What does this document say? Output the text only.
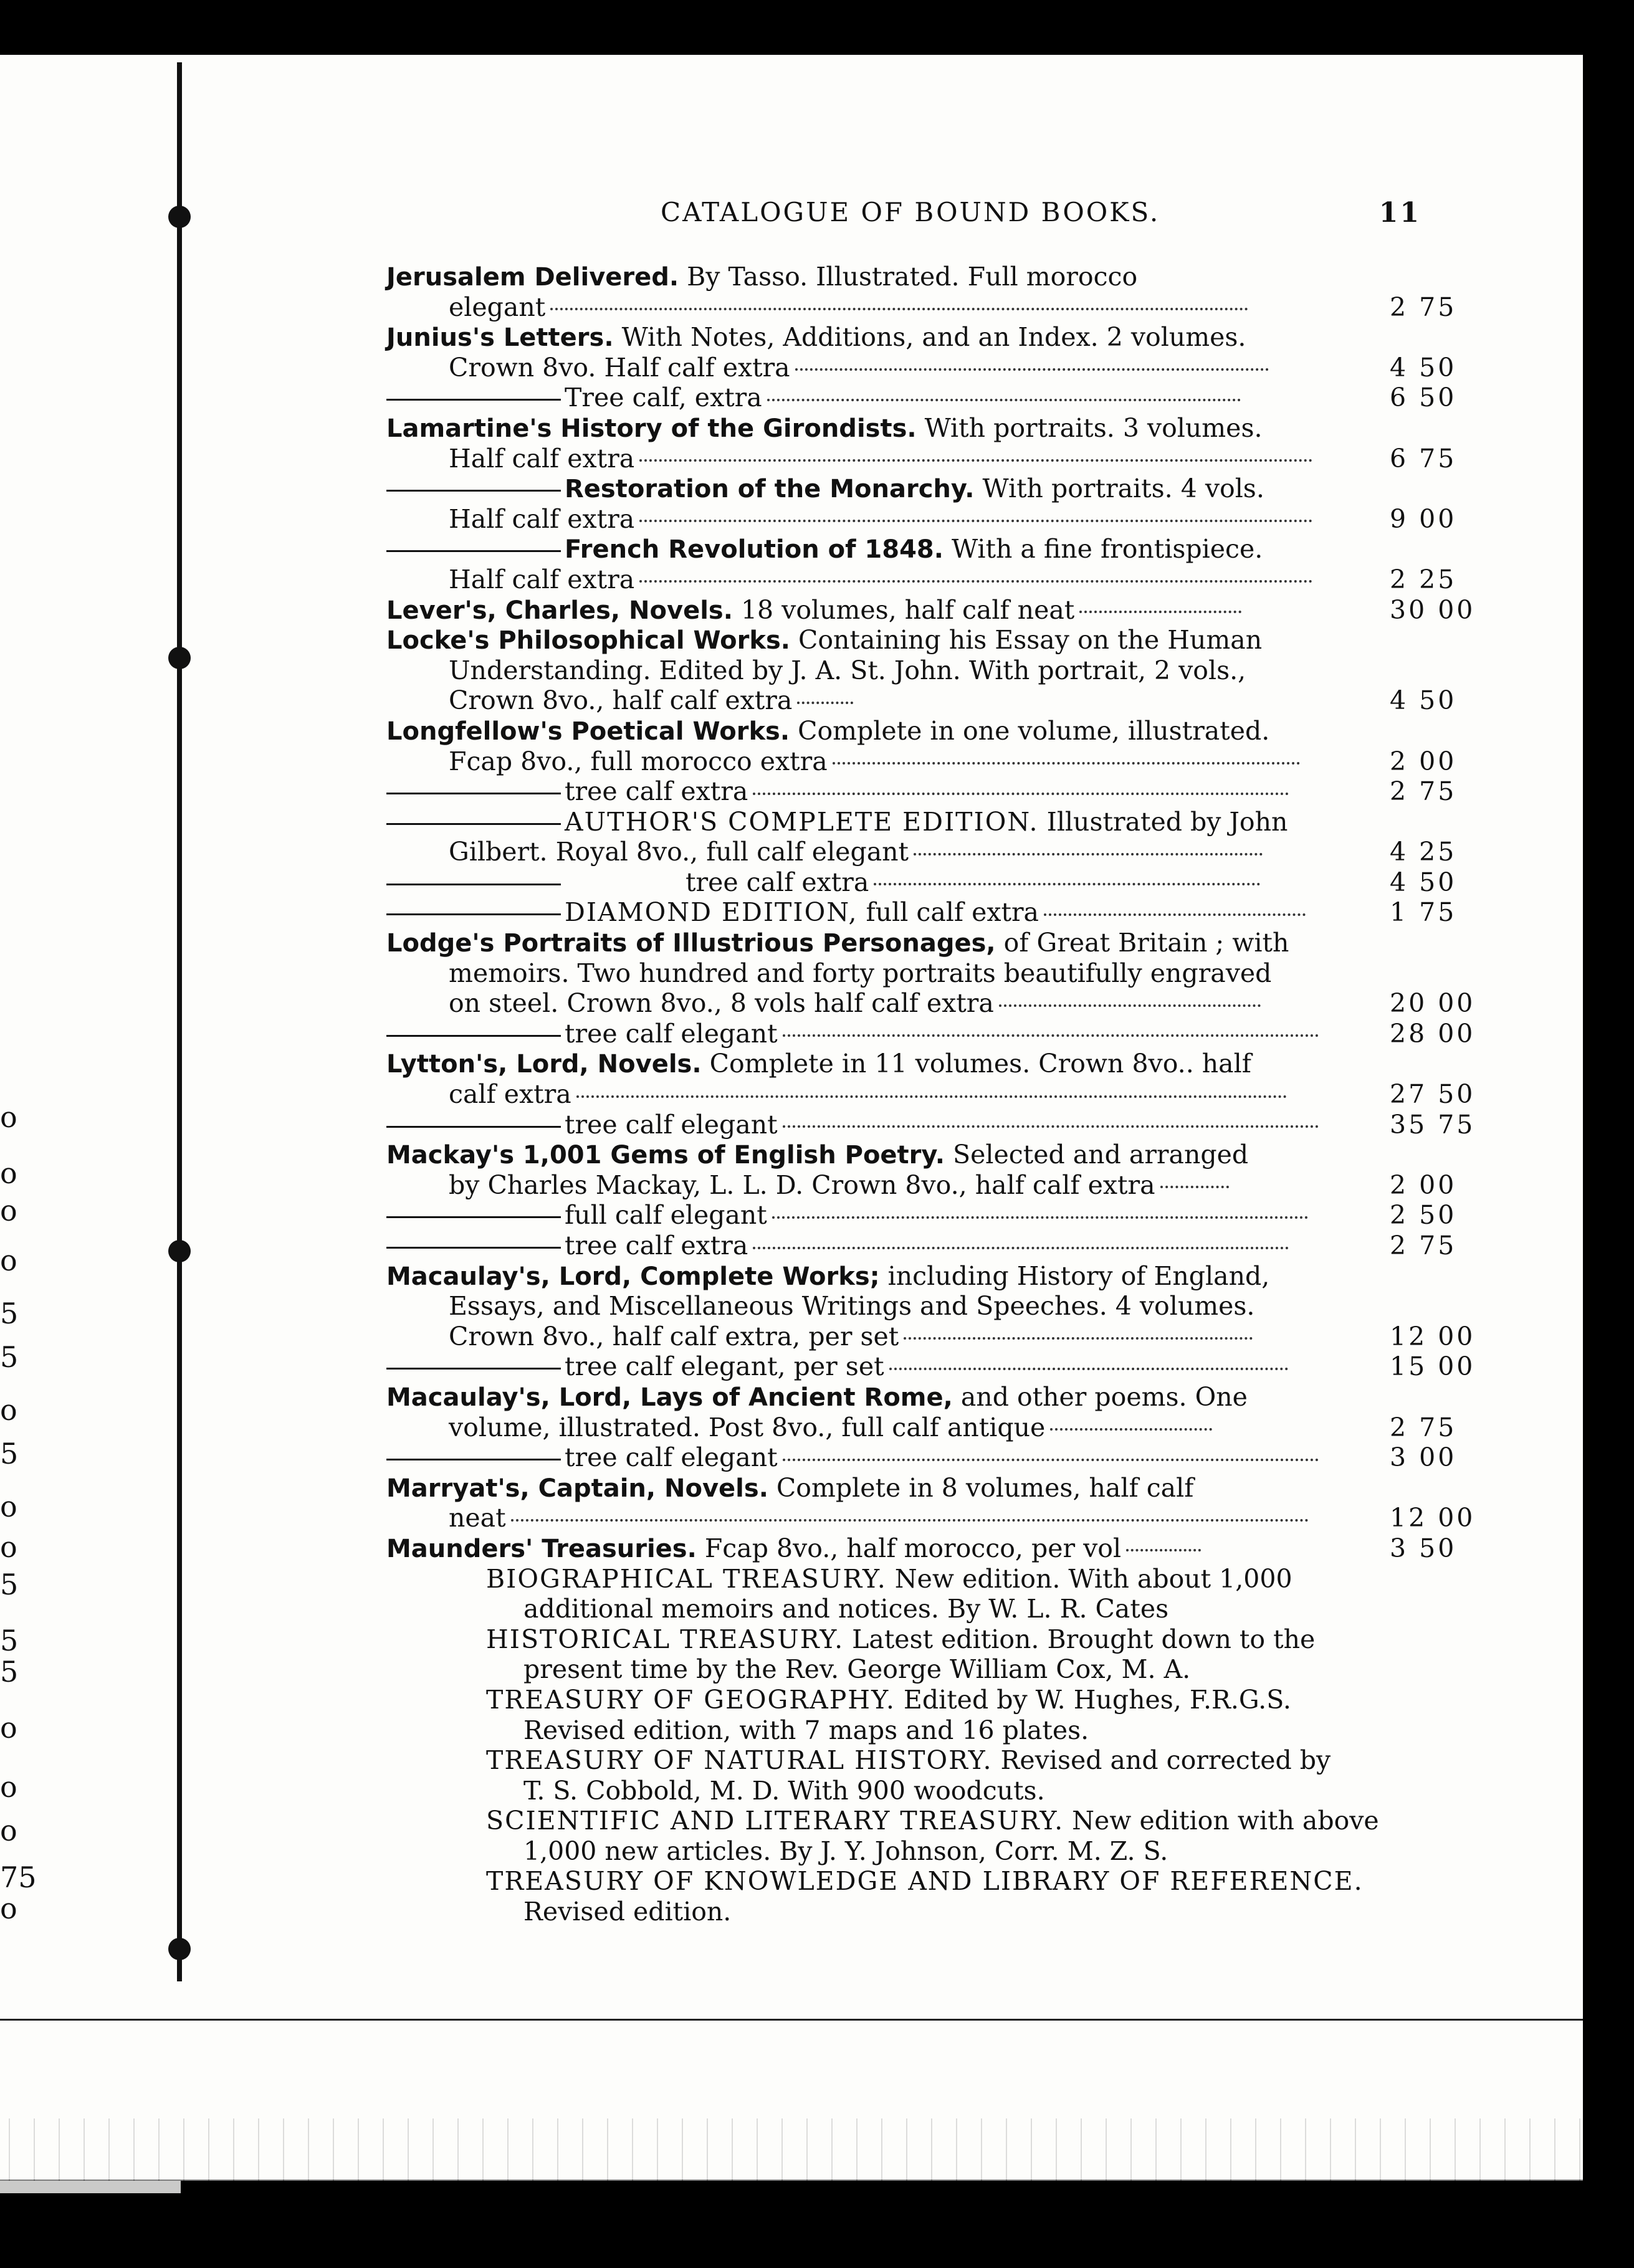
o
o
o
o
5
5
o
5
o
o
5
5
5
o
o
o
75
o
CATALOGUE OF BOUND BOOKS.	11
Jerusalem Delivered. By Tasso. Illustrated. Full morocco
elegant	2 75
Junius's Letters. With Notes, Additions, and an Index. 2 volumes.
Crown 8vo. Half calf extra	4 50
Tree calf, extra	6 50
Lamartine's History of the Girondists. With portraits. 3 volumes.
Half calf extra	6 75
Restoration of the Monarchy. With portraits. 4 vols.
Half calf extra	9 00
French Revolution of 1848. With a fine frontispiece.
Half calf extra	2 25
Lever's, Charles, Novels. 18 volumes, half calf neat	30 00
Locke's Philosophical Works. Containing his Essay on the Human
Understanding. Edited by J. A. St. John. With portrait, 2 vols.,
Crown 8vo., half calf extra	4 50
Longfellow's Poetical Works. Complete in one volume, illustrated.
Fcap 8vo., full morocco extra	2 00
tree calf extra	2 75
AUTHOR'S COMPLETE EDITION. Illustrated by John
Gilbert. Royal 8vo., full calf elegant	4 25
tree calf extra	4 50
DIAMOND EDITION, full calf extra	1 75
Lodge's Portraits of Illustrious Personages, of Great Britain ; with
memoirs. Two hundred and forty portraits beautifully engraved
on steel. Crown 8vo., 8 vols half calf extra	20 00
tree calf elegant	28 00
Lytton's, Lord, Novels. Complete in 11 volumes. Crown 8vo.. half
calf extra	27 50
tree calf elegant	35 75
Mackay's 1,001 Gems of English Poetry. Selected and arranged
by Charles Mackay, L. L. D. Crown 8vo., half calf extra	2 00
full calf elegant	2 50
tree calf extra	2 75
Macaulay's, Lord, Complete Works; including History of England,
Essays, and Miscellaneous Writings and Speeches. 4 volumes.
Crown 8vo., half calf extra, per set	12 00
tree calf elegant, per set	15 00
Macaulay's, Lord, Lays of Ancient Rome, and other poems. One
volume, illustrated. Post 8vo., full calf antique	2 75
tree calf elegant	3 00
Marryat's, Captain, Novels. Complete in 8 volumes, half calf
neat	12 00
Maunders' Treasuries. Fcap 8vo., half morocco, per vol	3 50
BIOGRAPHICAL TREASURY. New edition. With about 1,000
additional memoirs and notices. By W. L. R. Cates
HISTORICAL TREASURY. Latest edition. Brought down to the
present time by the Rev. George William Cox, M. A.
TREASURY OF GEOGRAPHY. Edited by W. Hughes, F.R.G.S.
Revised edition, with 7 maps and 16 plates.
TREASURY OF NATURAL HISTORY. Revised and corrected by
T. S. Cobbold, M. D. With 900 woodcuts.
SCIENTIFIC AND LITERARY TREASURY. New edition with above
1,000 new articles. By J. Y. Johnson, Corr. M. Z. S.
TREASURY OF KNOWLEDGE AND LIBRARY OF REFERENCE.
Revised edition.
